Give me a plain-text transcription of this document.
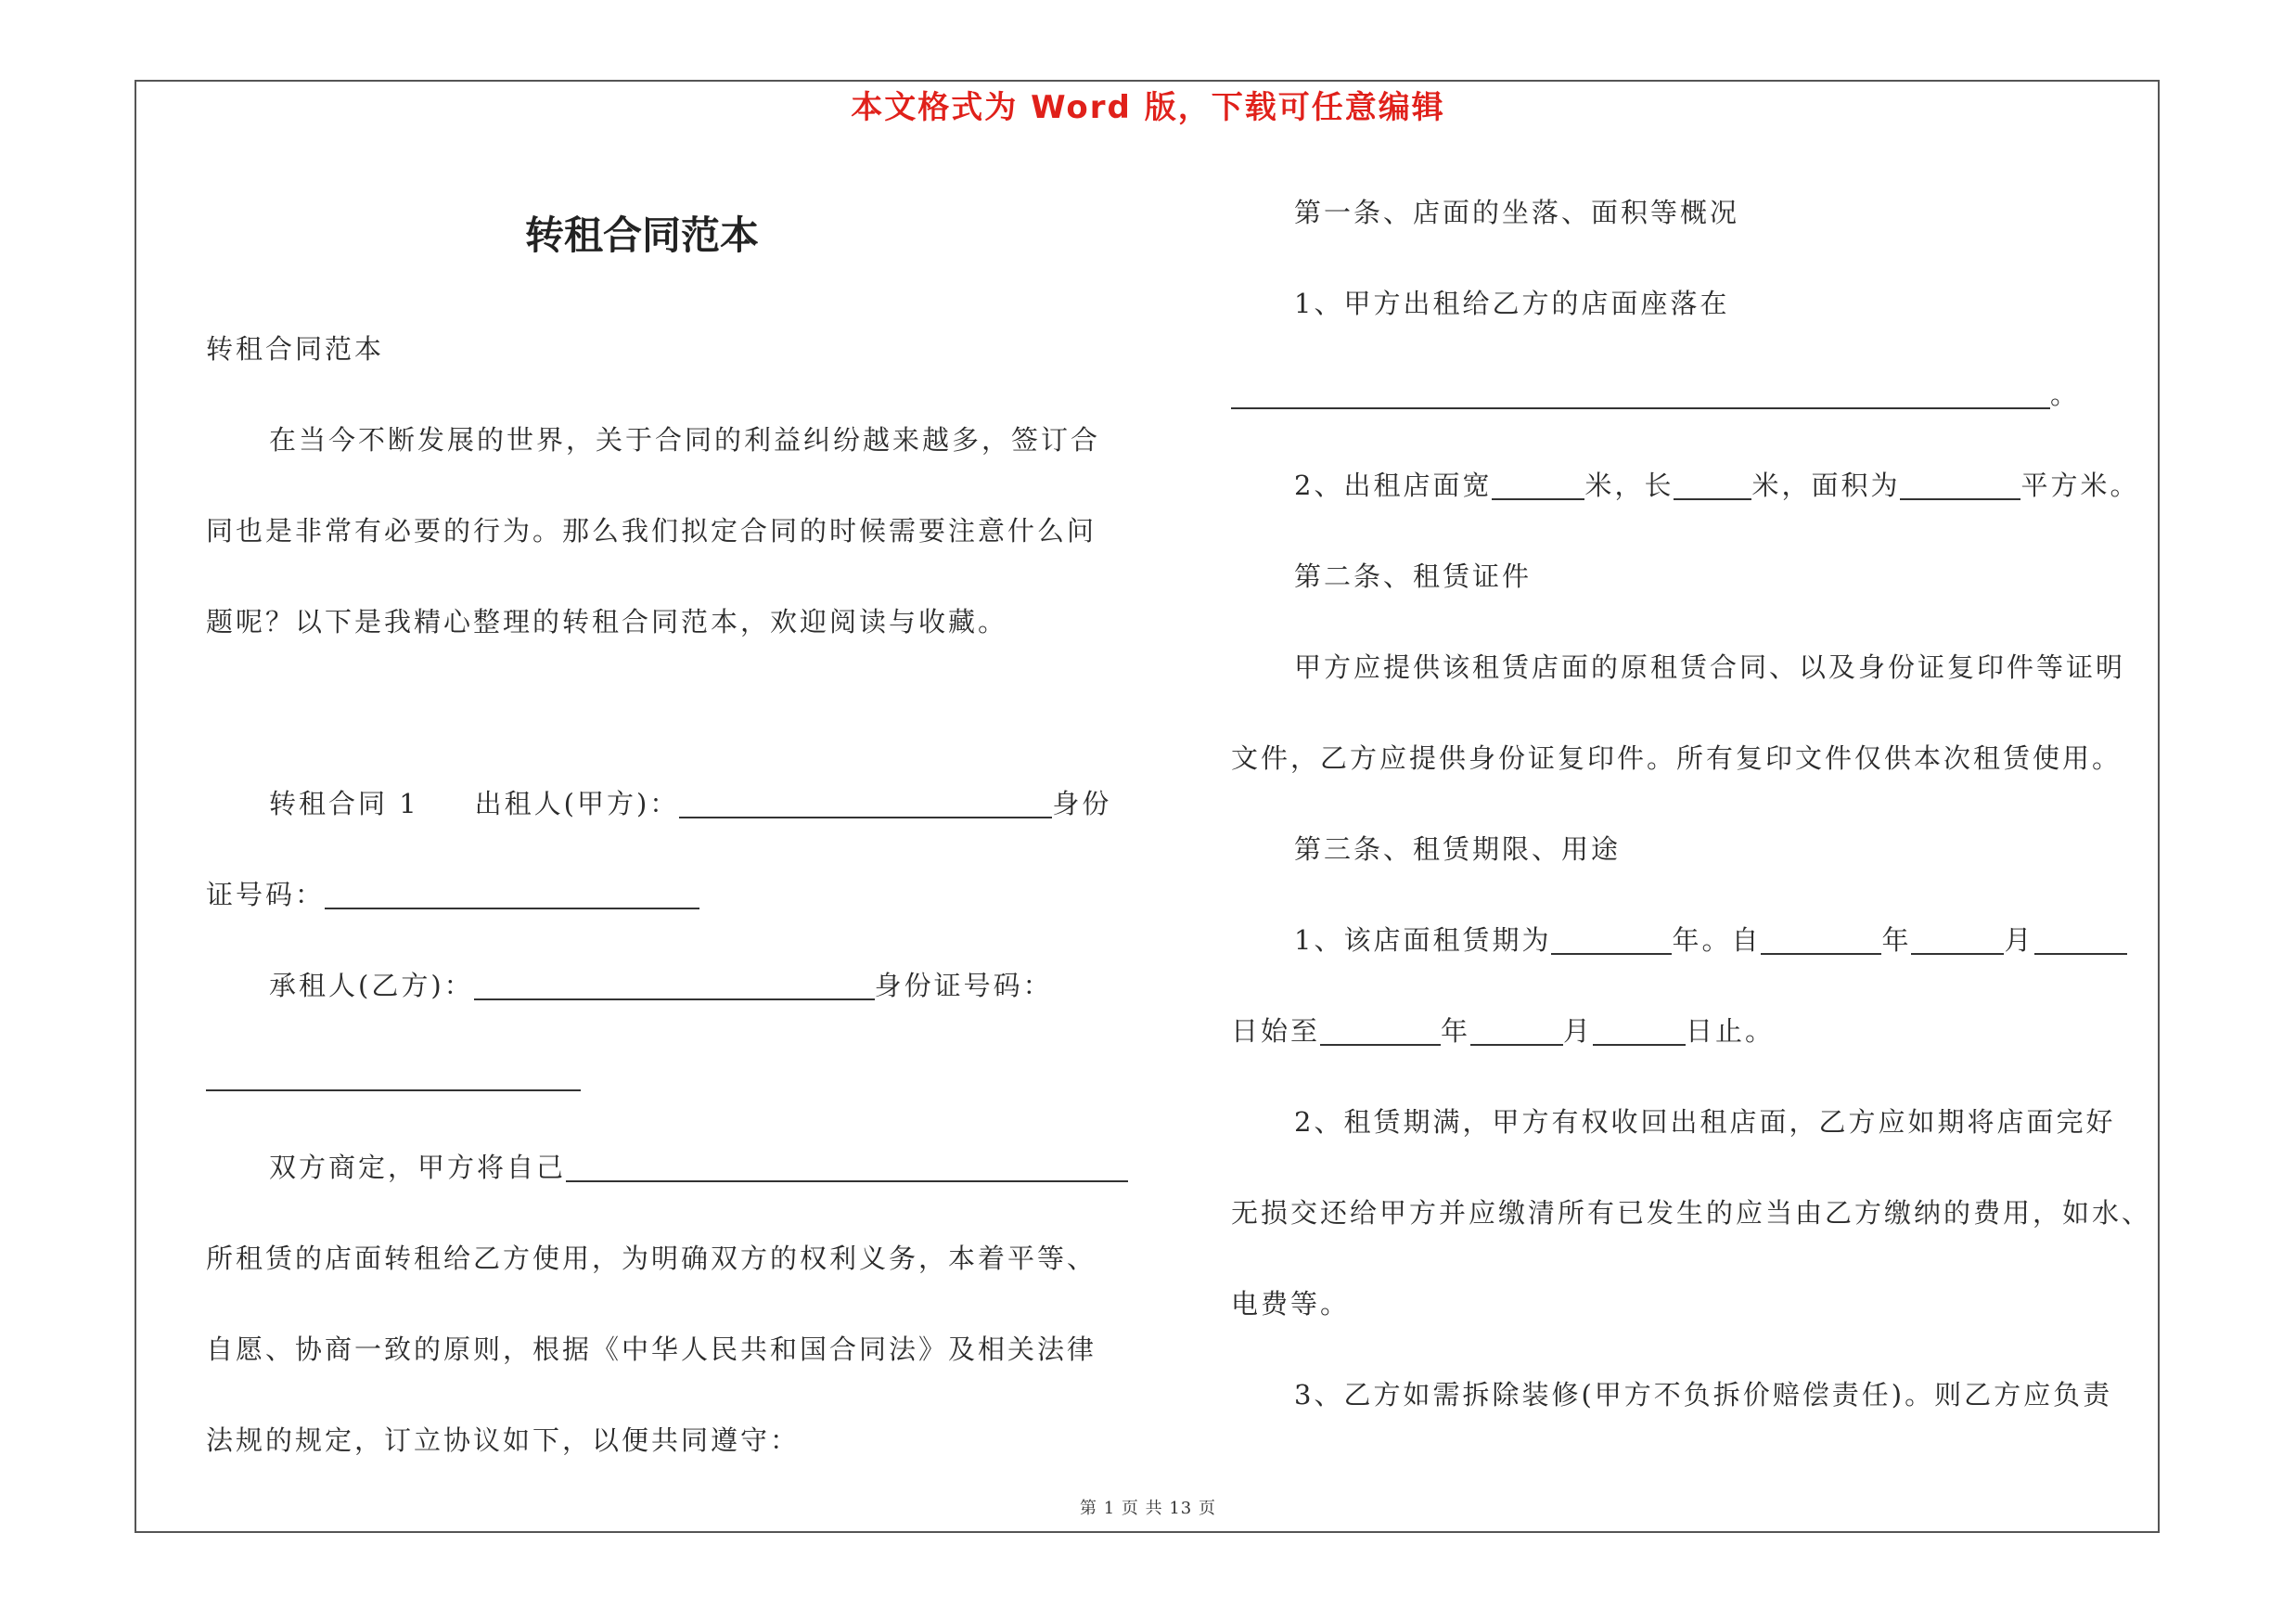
本文格式为 Word 版，下载可任意编辑
转租合同范本

转租合同范本

在当今不断发展的世界，关于合同的利益纠纷越来越多，签订合

同也是非常有必要的行为。那么我们拟定合同的时候需要注意什么问

题呢？以下是我精心整理的转租合同范本，欢迎阅读与收藏。

转租合同 1 出租人(甲方)：	身份

证号码：

承租人(乙方)：	身份证号码：

双方商定，甲方将自己

所租赁的店面转租给乙方使用，为明确双方的权利义务，本着平等、

自愿、协商一致的原则，根据《中华人民共和国合同法》及相关法律

法规的规定，订立协议如下，以便共同遵守：

第一条、店面的坐落、面积等概况

1、甲方出租给乙方的店面座落在

。

2、出租店面宽	米，长	米，面积为	平方米。

第二条、租赁证件

甲方应提供该租赁店面的原租赁合同、以及身份证复印件等证明

文件，乙方应提供身份证复印件。所有复印文件仅供本次租赁使用。

第三条、租赁期限、用途

1、该店面租赁期为	年。自	年	月

日始至	年	月	日止。

2、租赁期满，甲方有权收回出租店面，乙方应如期将店面完好

无损交还给甲方并应缴清所有已发生的应当由乙方缴纳的费用，如水、

电费等。

3、乙方如需拆除装修(甲方不负拆价赔偿责任)。则乙方应负责

第 1 页 共 13 页
